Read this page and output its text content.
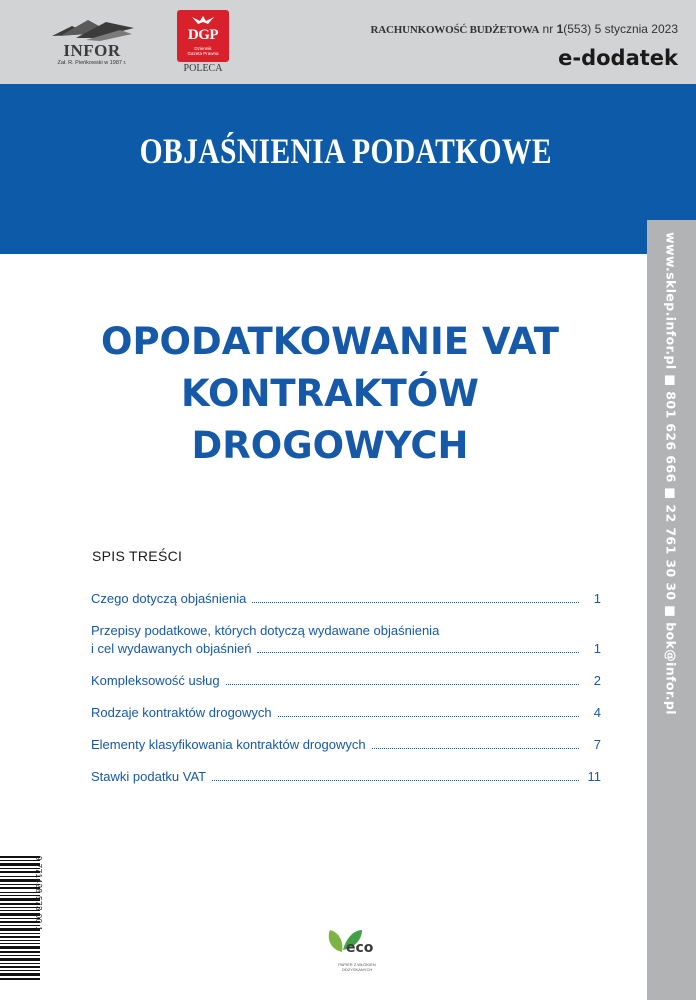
INFOR
Zał. R. Pieńkowski w 1987 r.
DGP
Dziennik
Gazeta Prawna
POLECA
RACHUNKOWOŚĆ BUDŻETOWA nr 1(553) 5 stycznia 2023
e-dodatek
OBJAŚNIENIA PODATKOWE
www.sklep.infor.pl ■ 801 626 666 ■ 22 761 30 30 ■ bok@infor.pl
OPODATKOWANIE VAT
KONTRAKTÓW
DROGOWYCH
SPIS TREŚCI
Czego dotyczą objaśnienia	1
Przepisy podatkowe, których dotyczą wydawane objaśnienia
i cel wydawanych objaśnień	1
Kompleksowość usług	2
Rodzaje kontraktów drogowych	4
Elementy klasyfikowania kontraktów drogowych	7
Stawki podatku VAT	11
9 771428 573 00 1
eco
PAPIER Z WŁÓKIEN ODZYSKANYCH
